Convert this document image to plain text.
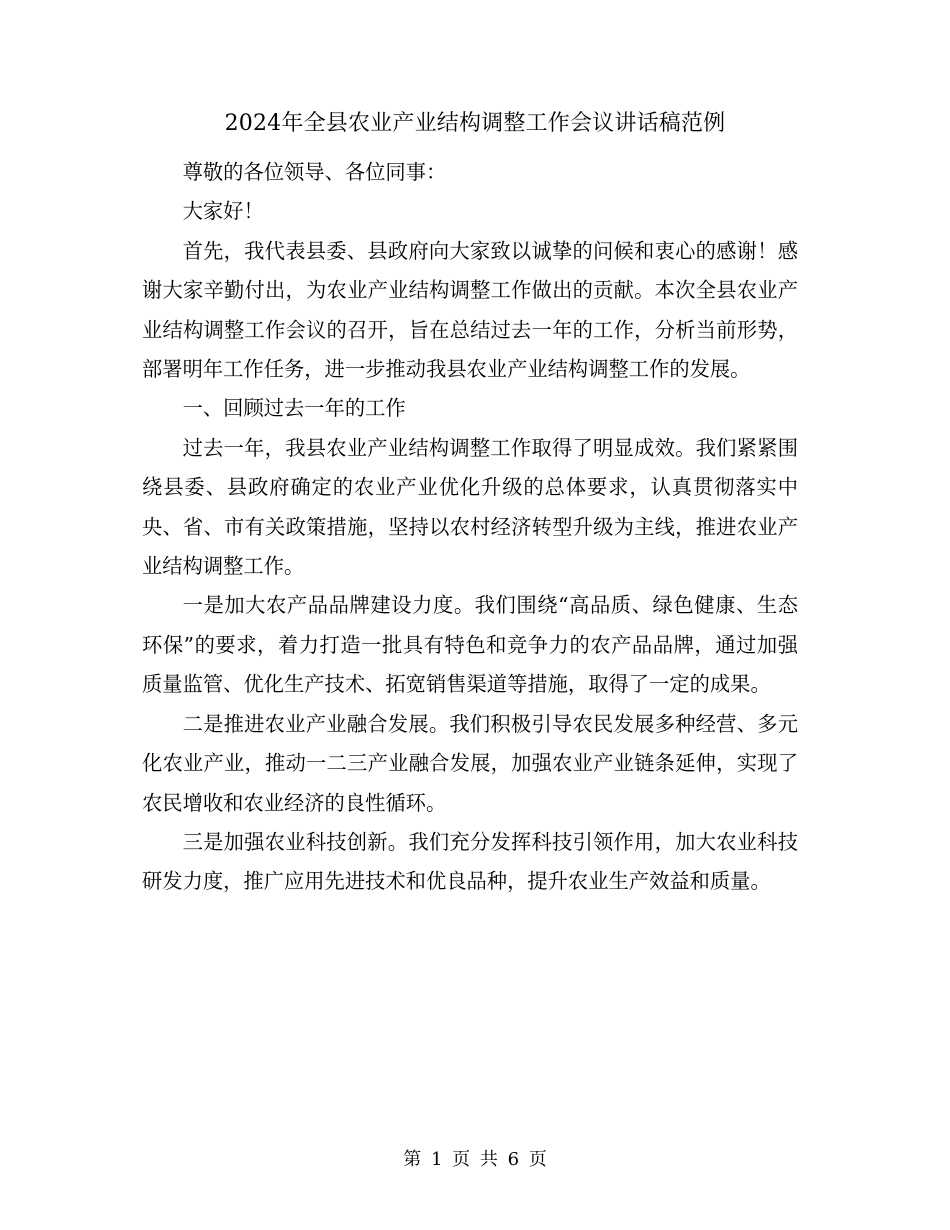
2024年全县农业产业结构调整工作会议讲话稿范例

尊敬的各位领导、各位同事：

大家好！

首先，我代表县委、县政府向大家致以诚挚的问候和衷心的感谢！感谢大家辛勤付出，为农业产业结构调整工作做出的贡献。本次全县农业产业结构调整工作会议的召开，旨在总结过去一年的工作，分析当前形势，部署明年工作任务，进一步推动我县农业产业结构调整工作的发展。

一、回顾过去一年的工作

过去一年，我县农业产业结构调整工作取得了明显成效。我们紧紧围绕县委、县政府确定的农业产业优化升级的总体要求，认真贯彻落实中央、省、市有关政策措施，坚持以农村经济转型升级为主线，推进农业产业结构调整工作。

一是加大农产品品牌建设力度。我们围绕“高品质、绿色健康、生态环保”的要求，着力打造一批具有特色和竞争力的农产品品牌，通过加强质量监管、优化生产技术、拓宽销售渠道等措施，取得了一定的成果。

二是推进农业产业融合发展。我们积极引导农民发展多种经营、多元化农业产业，推动一二三产业融合发展，加强农业产业链条延伸，实现了农民增收和农业经济的良性循环。

三是加强农业科技创新。我们充分发挥科技引领作用，加大农业科技研发力度，推广应用先进技术和优良品种，提升农业生产效益和质量。

第 1 页 共 6 页
